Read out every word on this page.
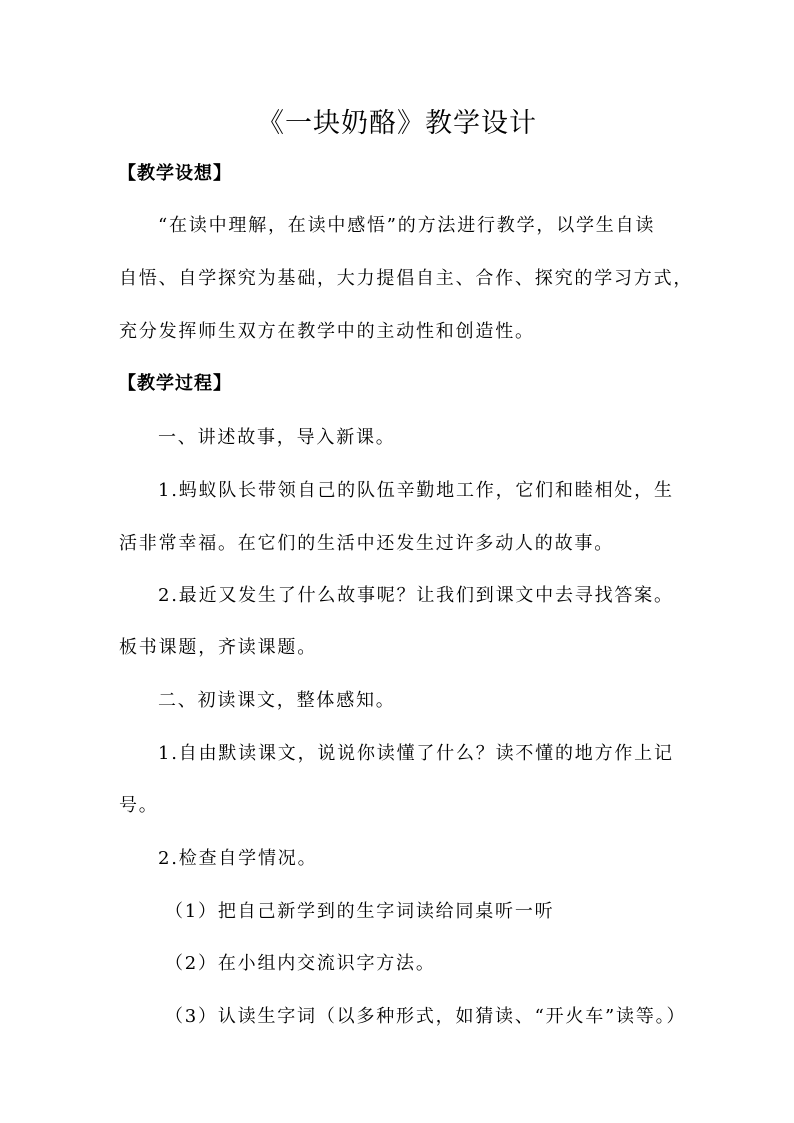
《一块奶酪》教学设计
【教学设想】
“在读中理解，在读中感悟”的方法进行教学，以学生自读
自悟、自学探究为基础，大力提倡自主、合作、探究的学习方式，
充分发挥师生双方在教学中的主动性和创造性。
【教学过程】
一、讲述故事，导入新课。
1.蚂蚁队长带领自己的队伍辛勤地工作，它们和睦相处，生
活非常幸福。在它们的生活中还发生过许多动人的故事。
2.最近又发生了什么故事呢？让我们到课文中去寻找答案。
板书课题，齐读课题。
二、初读课文，整体感知。
1.自由默读课文，说说你读懂了什么？读不懂的地方作上记
号。
2.检查自学情况。
（1）把自己新学到的生字词读给同桌听一听
（2）在小组内交流识字方法。
（3）认读生字词（以多种形式，如猜读、“开火车”读等。）
